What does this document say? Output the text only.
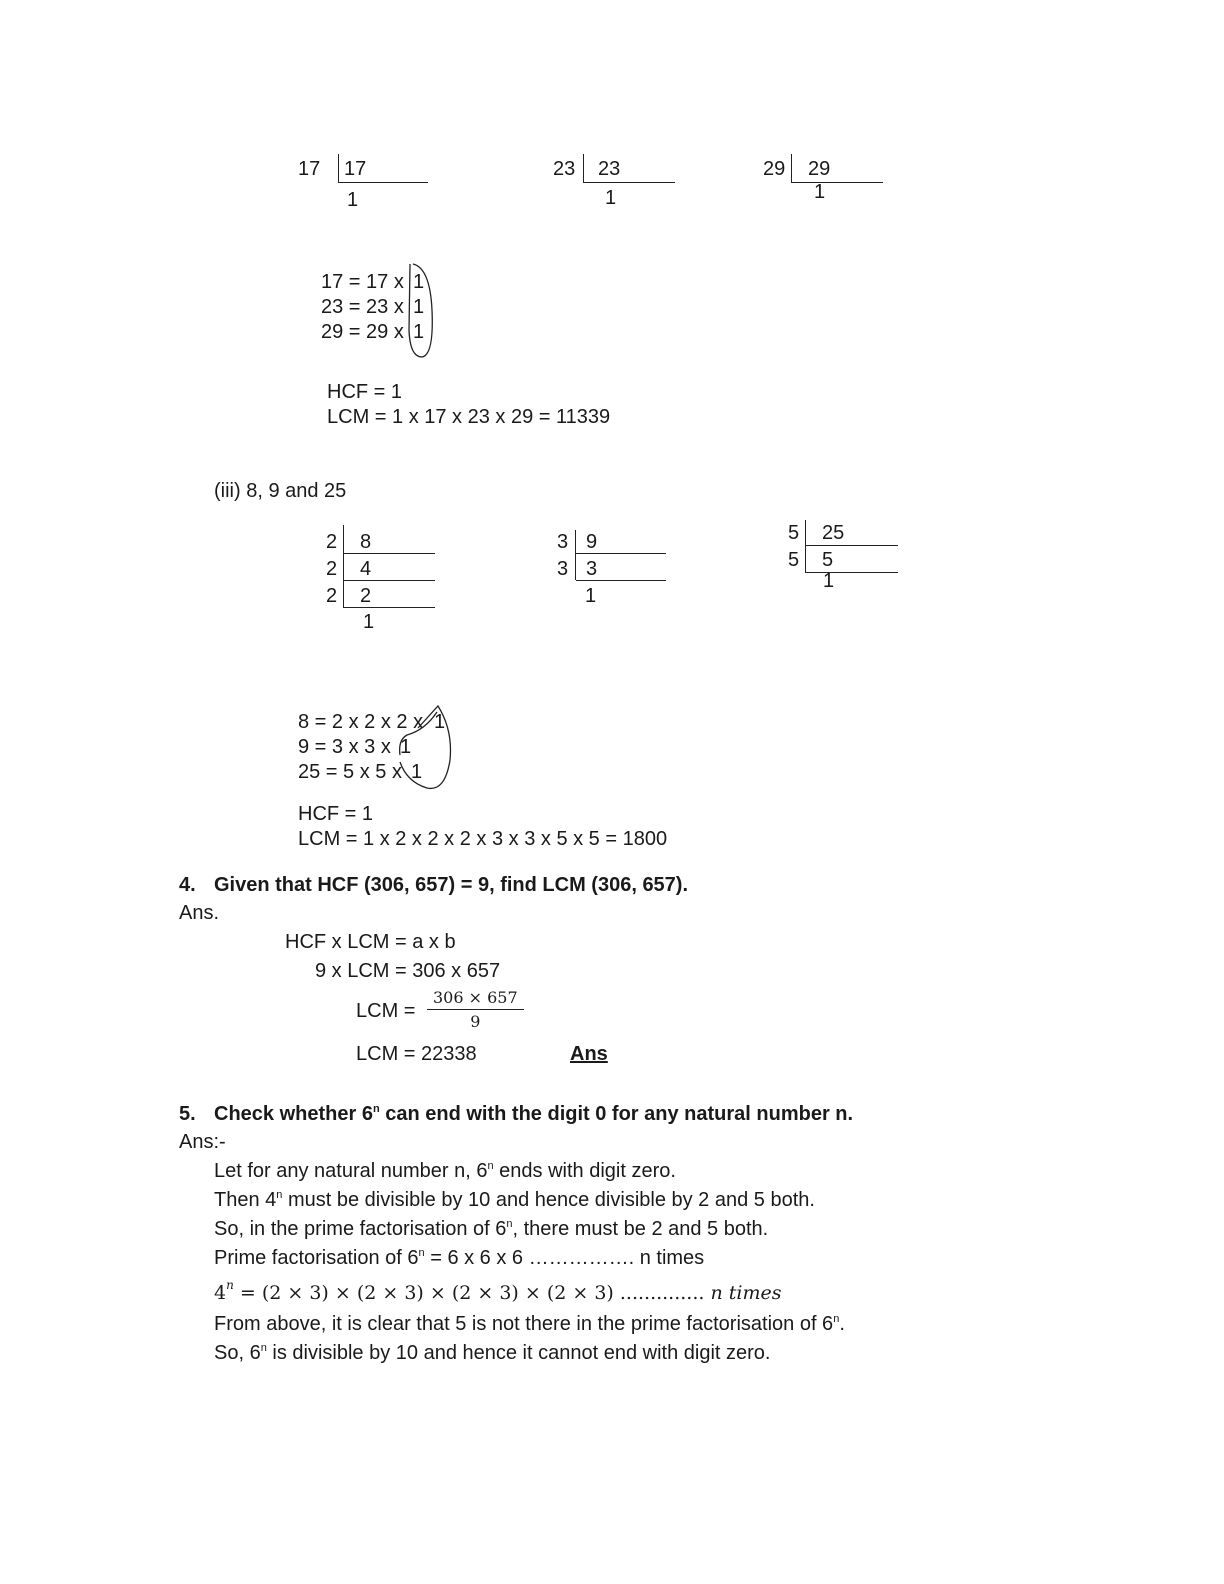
17 17
1
23 23
1
29 29
1
17 = 17 x
23 = 23 x
29 = 29 x
1
1
1
HCF = 1
LCM = 1 x 17 x 23 x 29 = 11339
(iii) 8, 9 and 25
2
2
2
8
4
2
1
3
3
9
3
1
5
5
25
5
1
8 = 2 x 2 x 2 x
9 = 3 x 3 x
25 = 5 x 5 x
1
1
1
HCF = 1
LCM = 1 x 2 x 2 x 2 x 3 x 3 x 5 x 5 = 1800
4. Given that HCF (306, 657) = 9, find LCM (306, 657).
Ans.
HCF x LCM = a x b
9 x LCM = 306 x 657
LCM = $\frac{306 \times 657}{9}$
LCM = 22338	Ans
5. Check whether 6$^n$ can end with the digit 0 for any natural number n.
Ans:-
Let for any natural number n, 6$^n$ ends with digit zero.
Then 4$^n$ must be divisible by 10 and hence divisible by 2 and 5 both.
So, in the prime factorisation of 6$^n$, there must be 2 and 5 both.
Prime factorisation of $6^n = 6$ x 6 x 6 ……………. n times
$4^n = (2 \times 3) \times (2 \times 3) \times (2 \times 3) \times (2 \times 3)$ .............. n times
From above, it is clear that 5 is not there in the prime factorisation of 6$^n$.
So, 6$^n$ is divisible by 10 and hence it cannot end with digit zero.
